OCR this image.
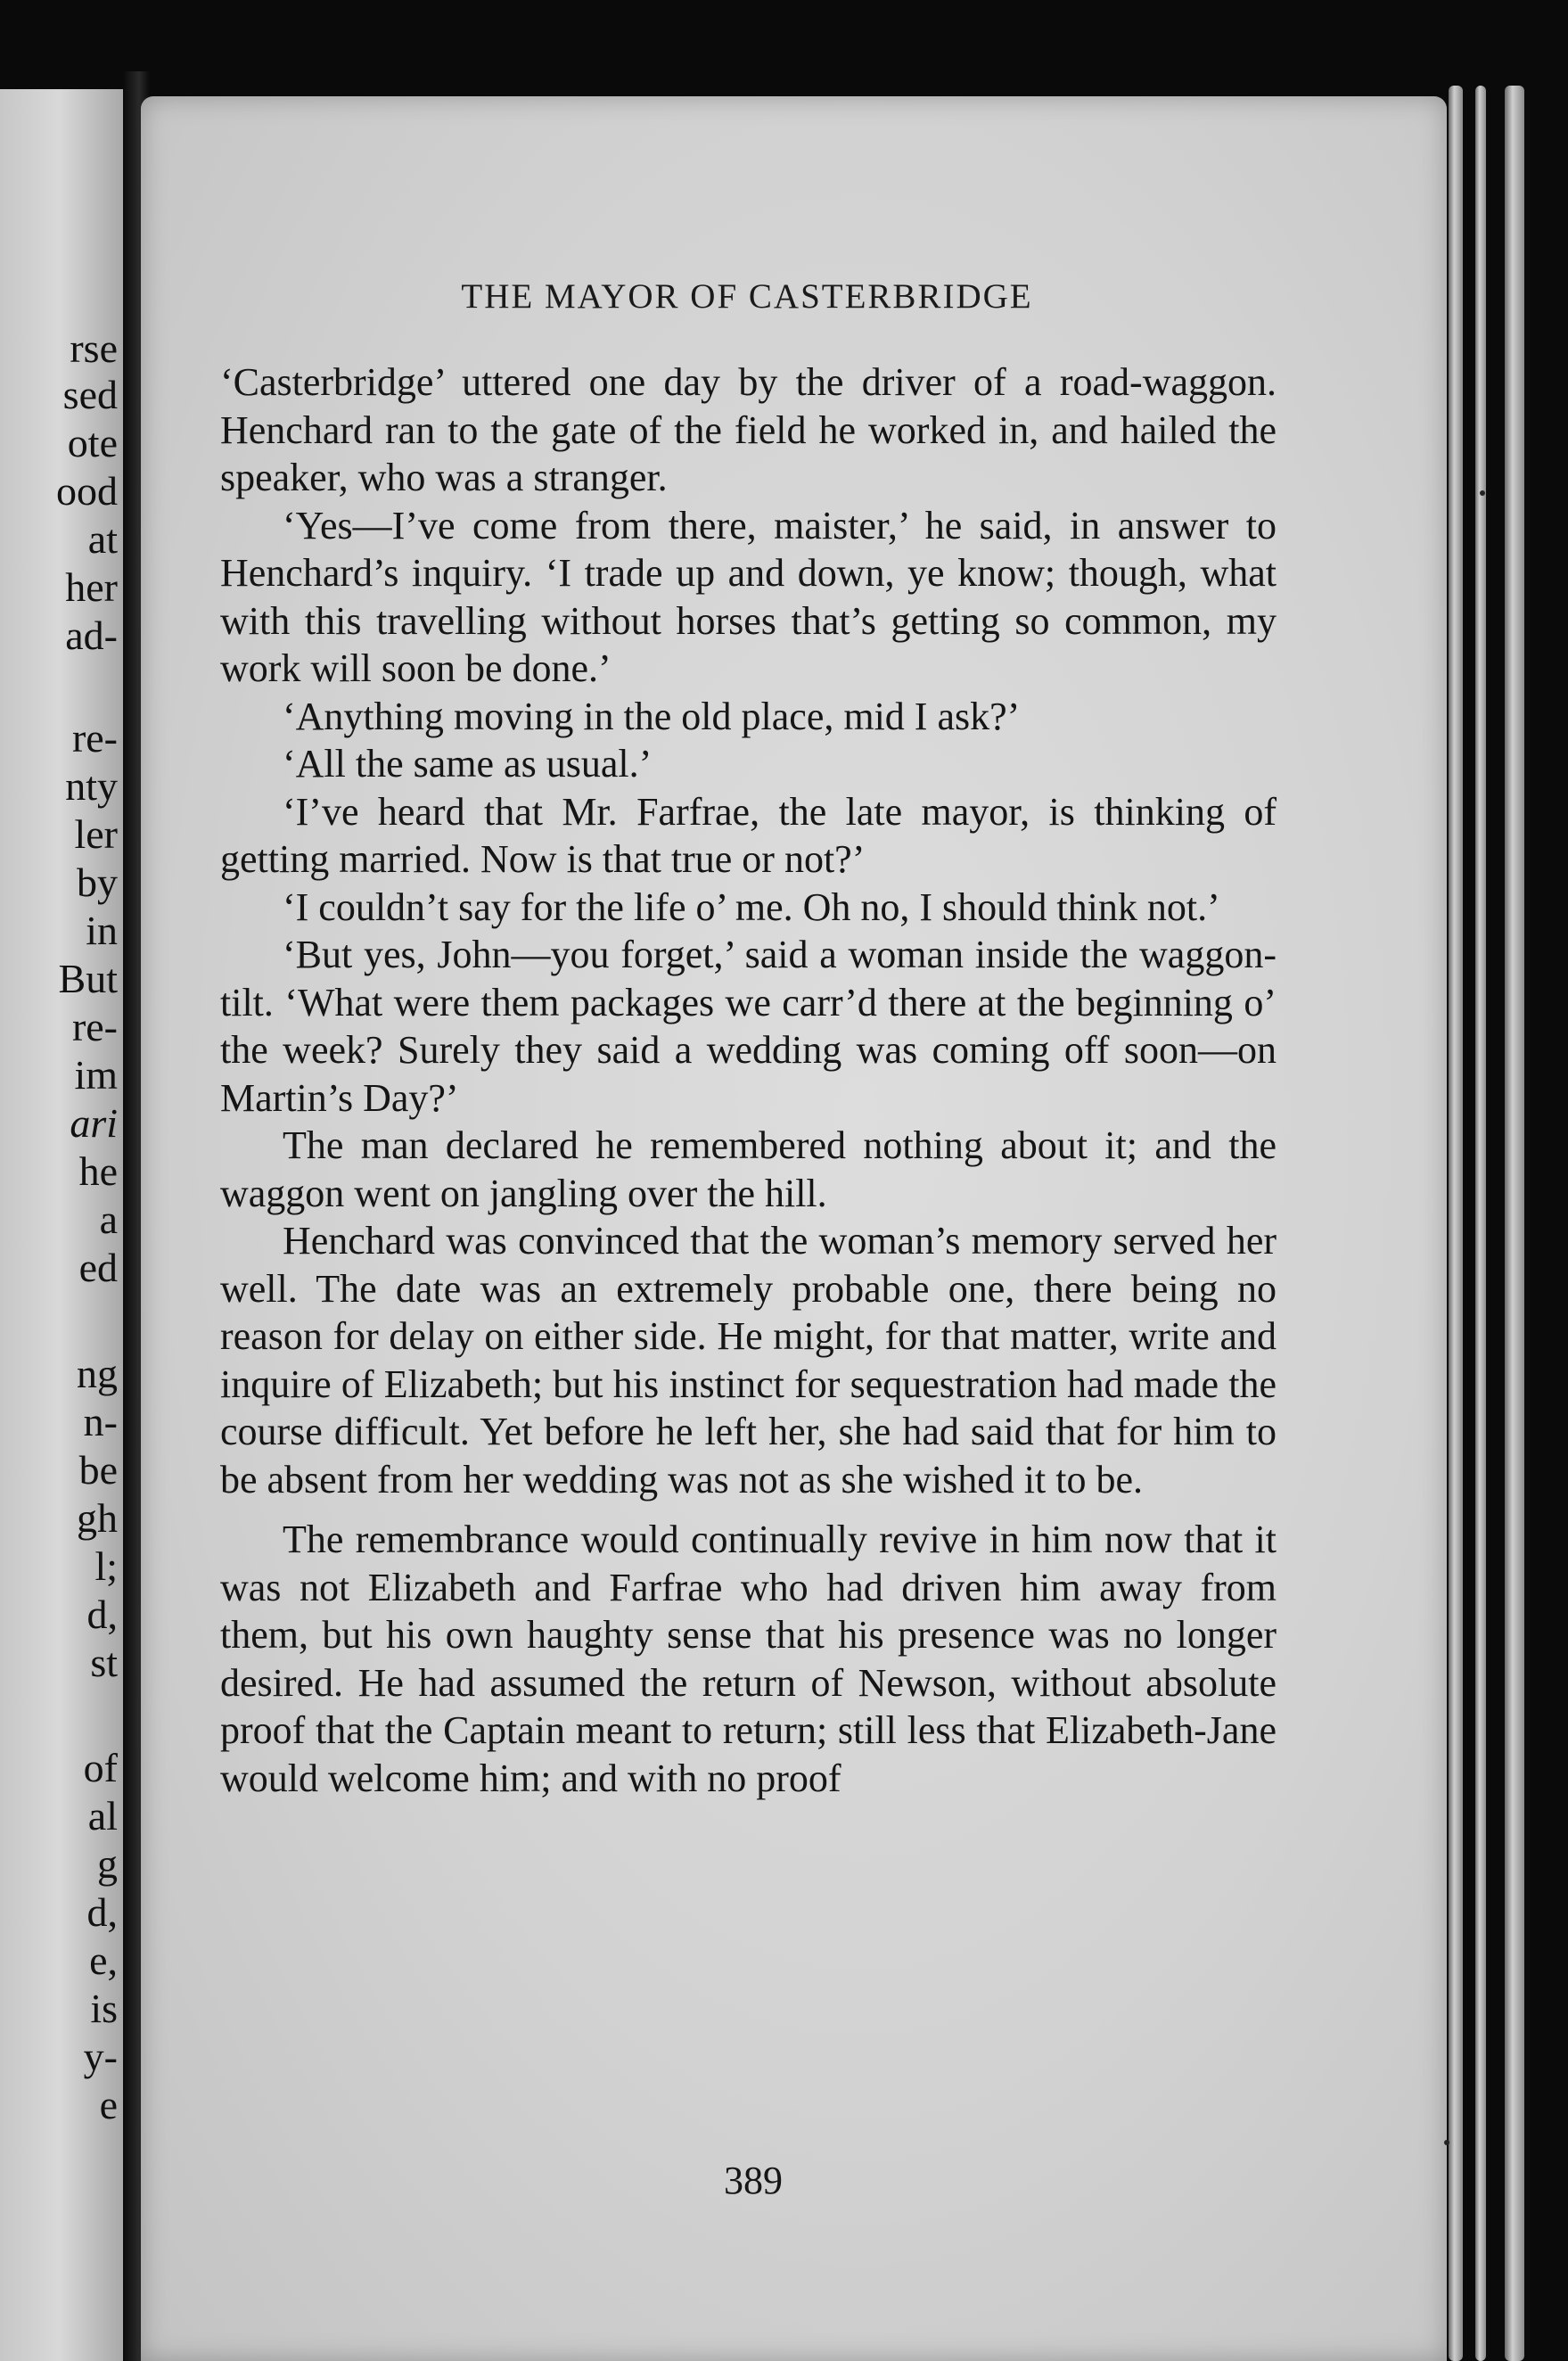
rse
sed
ote
ood
at
her
ad-
re-
nty
ler
by
in
But
re-
im
ari
he
a
ed
ng
n-
be
gh
l;
d,
st
of
al
g
d,
e,
is
y-
e
THE MAYOR OF CASTERBRIDGE

‘Casterbridge’ uttered one day by the driver of a road-waggon. Henchard ran to the gate of the field he worked in, and hailed the speaker, who was a stranger.

‘Yes—I’ve come from there, maister,’ he said, in answer to Henchard’s inquiry. ‘I trade up and down, ye know; though, what with this travelling without horses that’s getting so common, my work will soon be done.’

‘Anything moving in the old place, mid I ask?’

‘All the same as usual.’

‘I’ve heard that Mr. Farfrae, the late mayor, is thinking of getting married. Now is that true or not?’

‘I couldn’t say for the life o’ me. Oh no, I should think not.’

‘But yes, John—you forget,’ said a woman inside the waggon-tilt. ‘What were them packages we carr’d there at the beginning o’ the week? Surely they said a wedding was coming off soon—on Martin’s Day?’

The man declared he remembered nothing about it; and the waggon went on jangling over the hill.

Henchard was convinced that the woman’s memory served her well. The date was an extremely probable one, there being no reason for delay on either side. He might, for that matter, write and inquire of Elizabeth; but his instinct for sequestration had made the course difficult. Yet before he left her, she had said that for him to be absent from her wedding was not as she wished it to be.

The remembrance would continually revive in him now that it was not Elizabeth and Farfrae who had driven him away from them, but his own haughty sense that his presence was no longer desired. He had assumed the return of Newson, without absolute proof that the Captain meant to return; still less that Elizabeth-Jane would welcome him; and with no proof

389
